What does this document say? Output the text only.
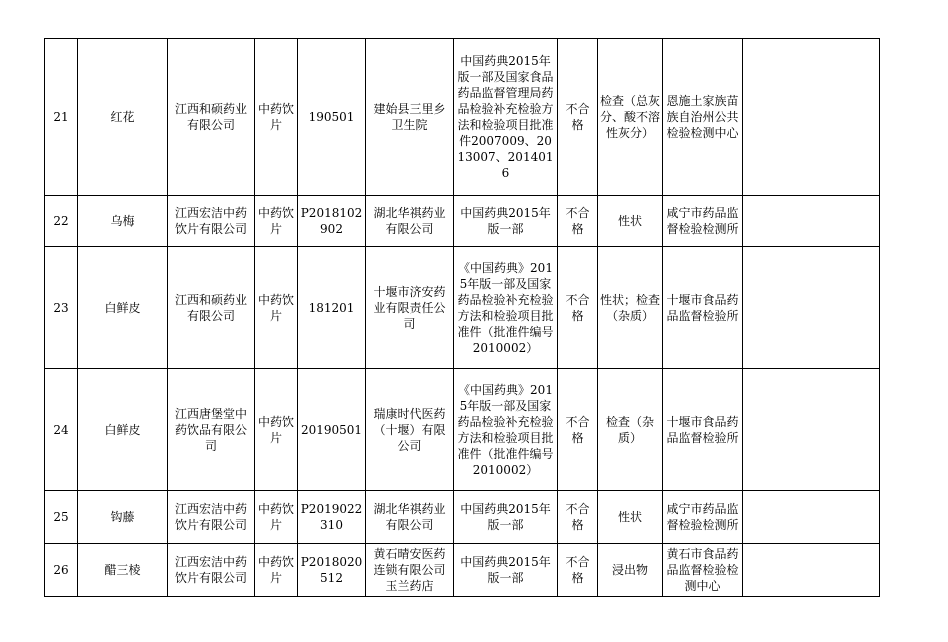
21	红花	江西和硕药业有限公司	中药饮片	190501	建始县三里乡卫生院	中国药典2015年版一部及国家食品药品监督管理局药品检验补充检验方法和检验项目批准件2007009、2013007、2014016	不合格	检查（总灰分、酸不溶性灰分）	恩施土家族苗族自治州公共检验检测中心	
22	乌梅	江西宏洁中药饮片有限公司	中药饮片	P2018102902	湖北华祺药业有限公司	中国药典2015年版一部	不合格	性状	咸宁市药品监督检验检测所	
23	白鲜皮	江西和硕药业有限公司	中药饮片	181201	十堰市济安药业有限责任公司	《中国药典》2015年版一部及国家药品检验补充检验方法和检验项目批准件（批准件编号2010002）	不合格	性状；检查（杂质）	十堰市食品药品监督检验所	
24	白鲜皮	江西唐堡堂中药饮品有限公司	中药饮片	20190501	瑞康时代医药（十堰）有限公司	《中国药典》2015年版一部及国家药品检验补充检验方法和检验项目批准件（批准件编号2010002）	不合格	检查（杂质）	十堰市食品药品监督检验所	
25	钩藤	江西宏洁中药饮片有限公司	中药饮片	P2019022310	湖北华祺药业有限公司	中国药典2015年版一部	不合格	性状	咸宁市药品监督检验检测所	
26	醋三棱	江西宏洁中药饮片有限公司	中药饮片	P2018020512	黄石晴安医药连锁有限公司玉兰药店	中国药典2015年版一部	不合格	浸出物	黄石市食品药品监督检验检测中心	
